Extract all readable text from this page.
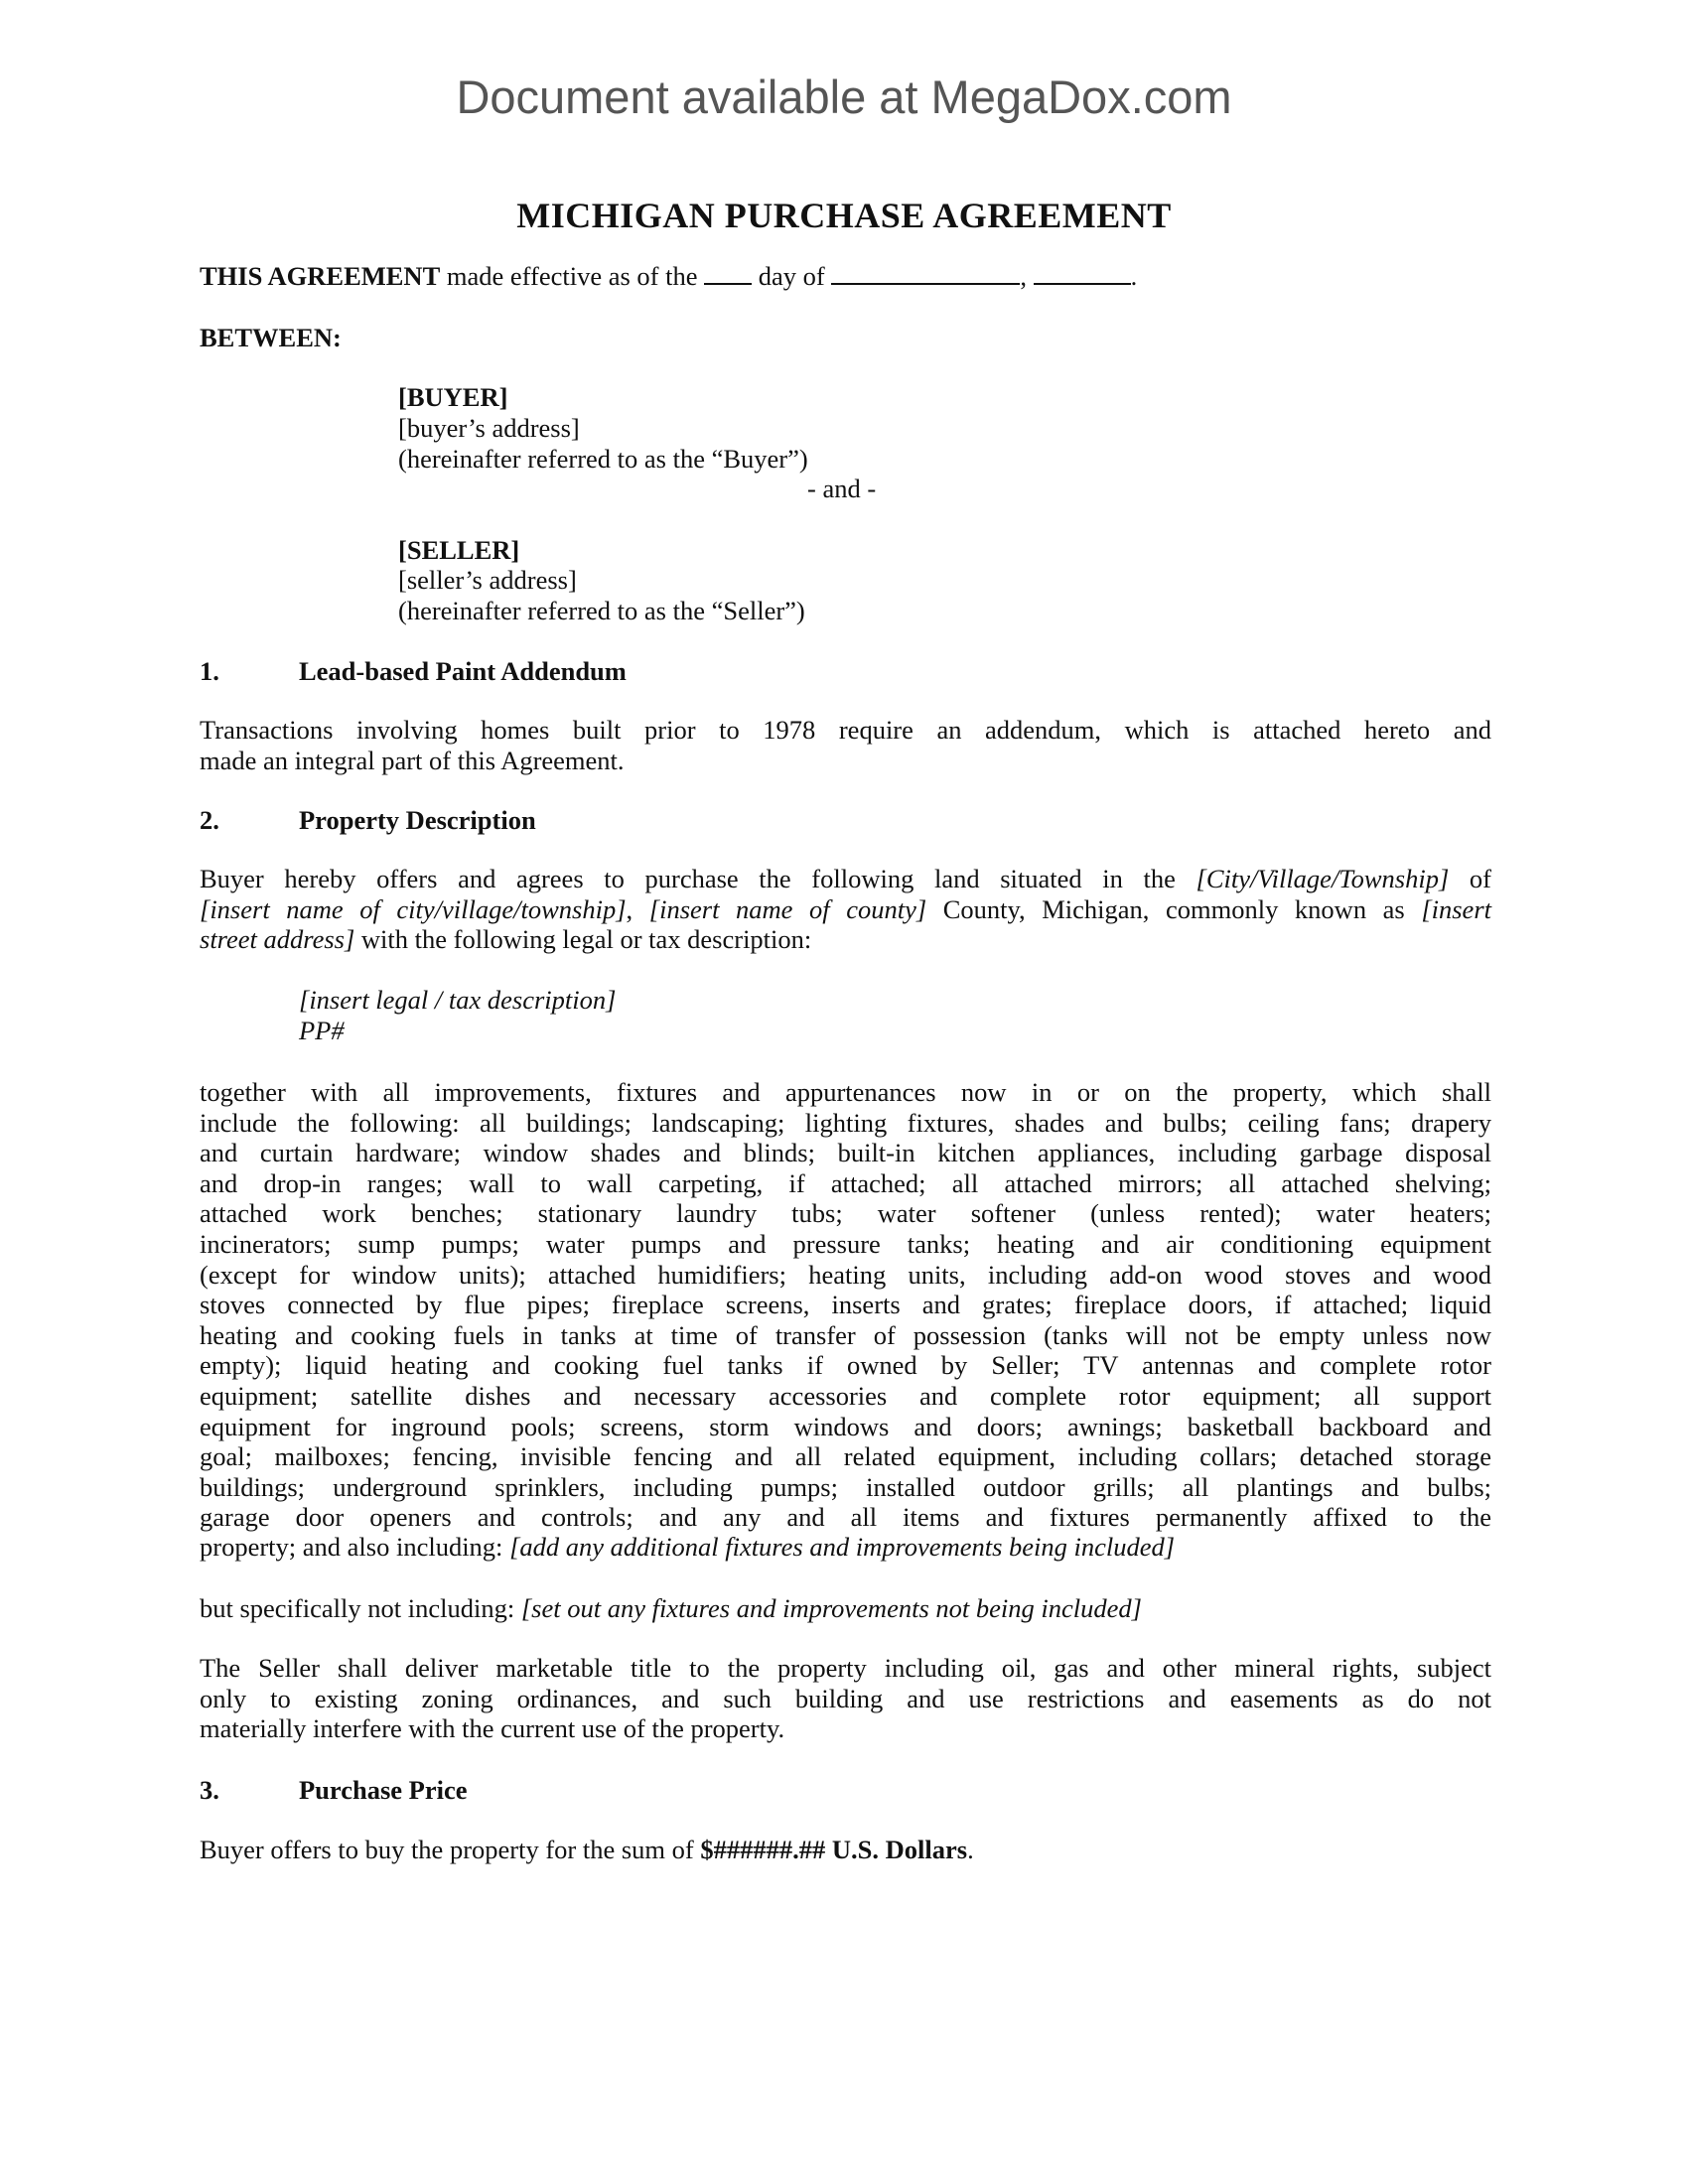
Document available at MegaDox.com
MICHIGAN PURCHASE AGREEMENT
THIS AGREEMENT made effective as of the  day of	,	.
BETWEEN:
[BUYER]
[buyer’s address]
(hereinafter referred to as the “Buyer”)
- and -
[SELLER]
[seller’s address]
(hereinafter referred to as the “Seller”)
1.	Lead-based Paint Addendum
Transactions involving homes built prior to 1978 require an addendum, which is attached hereto and
made an integral part of this Agreement.
2.	Property Description
Buyer hereby offers and agrees to purchase the following land situated in the [City/Village/Township] of
[insert name of city/village/township], [insert name of county] County, Michigan, commonly known as [insert
street address] with the following legal or tax description:
[insert legal / tax description]
PP#
together with all improvements, fixtures and appurtenances now in or on the property, which shall
include the following: all buildings; landscaping; lighting fixtures, shades and bulbs; ceiling fans; drapery
and curtain hardware; window shades and blinds; built-in kitchen appliances, including garbage disposal
and drop-in ranges; wall to wall carpeting, if attached; all attached mirrors; all attached shelving;
attached work benches; stationary laundry tubs; water softener (unless rented); water heaters;
incinerators; sump pumps; water pumps and pressure tanks; heating and air conditioning equipment
(except for window units); attached humidifiers; heating units, including add-on wood stoves and wood
stoves connected by flue pipes; fireplace screens, inserts and grates; fireplace doors, if attached; liquid
heating and cooking fuels in tanks at time of transfer of possession (tanks will not be empty unless now
empty); liquid heating and cooking fuel tanks if owned by Seller; TV antennas and complete rotor
equipment; satellite dishes and necessary accessories and complete rotor equipment; all support
equipment for inground pools; screens, storm windows and doors; awnings; basketball backboard and
goal; mailboxes; fencing, invisible fencing and all related equipment, including collars; detached storage
buildings; underground sprinklers, including pumps; installed outdoor grills; all plantings and bulbs;
garage door openers and controls; and any and all items and fixtures permanently affixed to the
property; and also including: [add any additional fixtures and improvements being included]
but specifically not including: [set out any fixtures and improvements not being included]
The Seller shall deliver marketable title to the property including oil, gas and other mineral rights, subject
only to existing zoning ordinances, and such building and use restrictions and easements as do not
materially interfere with the current use of the property.
3.	Purchase Price
Buyer offers to buy the property for the sum of $######.## U.S. Dollars.
